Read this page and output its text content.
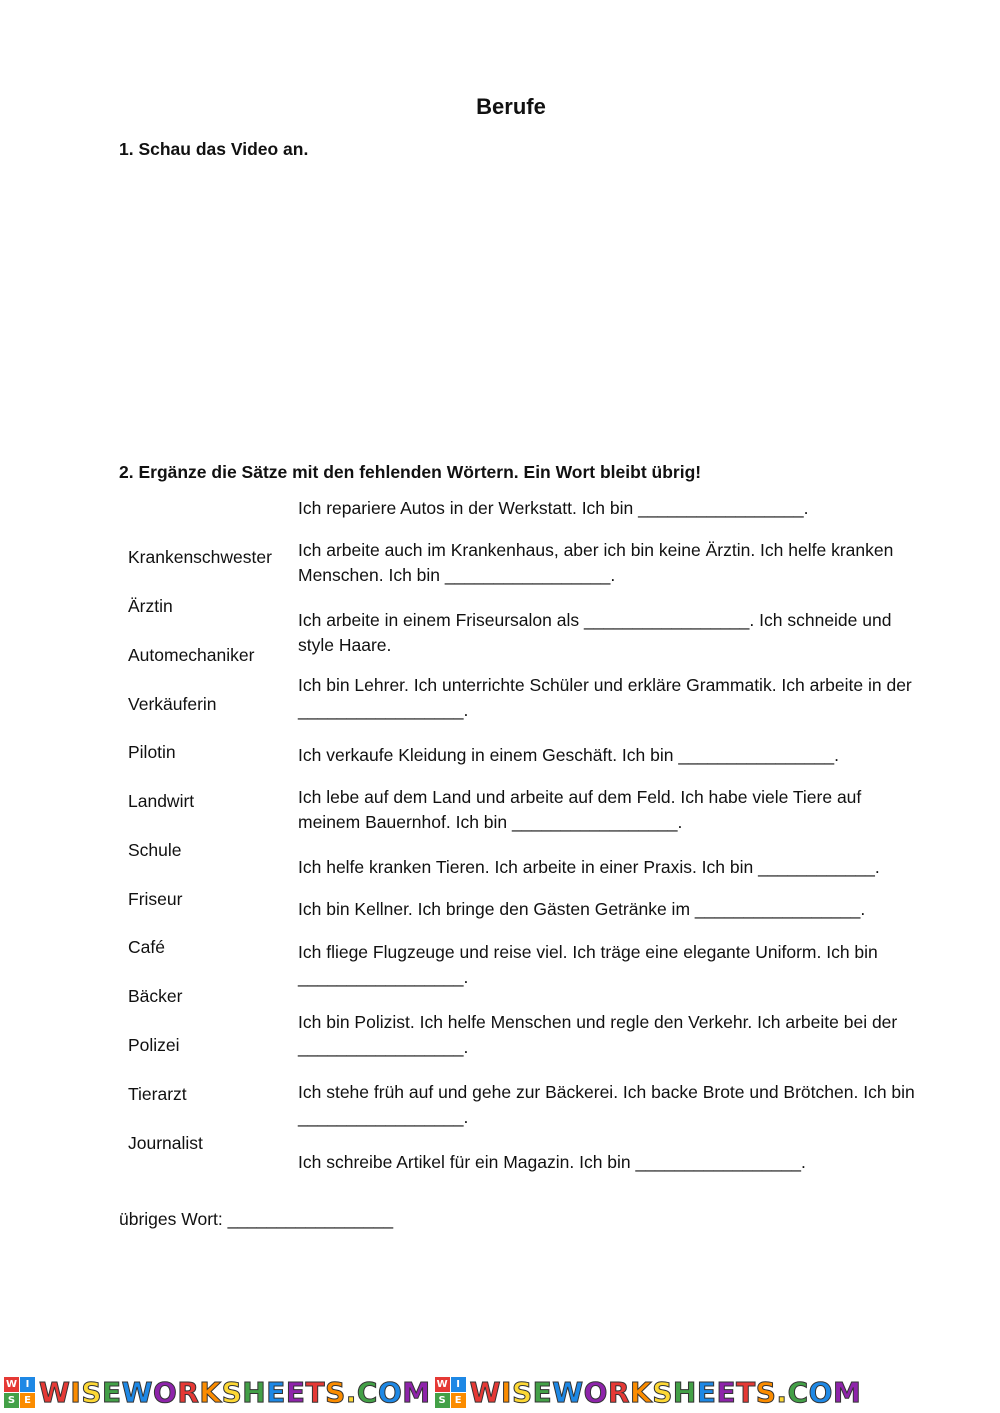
Berufe
1. Schau das Video an.
2. Ergänze die Sätze mit den fehlenden Wörtern. Ein Wort bleibt übrig!
Krankenschwester
Ärztin
Automechaniker
Verkäuferin
Pilotin
Landwirt
Schule
Friseur
Café
Bäcker
Polizei
Tierarzt
Journalist
Ich repariere Autos in der Werkstatt. Ich bin _________________.
Ich arbeite auch im Krankenhaus, aber ich bin keine Ärztin. Ich helfe kranken Menschen. Ich bin _________________.
Ich arbeite in einem Friseursalon als _________________. Ich schneide und style Haare.
Ich bin Lehrer. Ich unterrichte Schüler und erkläre Grammatik. Ich arbeite in der _________________.
Ich verkaufe Kleidung in einem Geschäft. Ich bin ________________.
Ich lebe auf dem Land und arbeite auf dem Feld. Ich habe viele Tiere auf meinem Bauernhof. Ich bin _________________.
Ich helfe kranken Tieren. Ich arbeite in einer Praxis. Ich bin ____________.
Ich bin Kellner. Ich bringe den Gästen Getränke im _________________.
Ich fliege Flugzeuge und reise viel. Ich träge eine elegante Uniform. Ich bin _________________.
Ich bin Polizist. Ich helfe Menschen und regle den Verkehr. Ich arbeite bei der _________________.
Ich stehe früh auf und gehe zur Bäckerei. Ich backe Brote und Brötchen. Ich bin _________________.
Ich schreibe Artikel für ein Magazin. Ich bin _________________.
übriges Wort: _________________
W I
S E WISEWORKSHEETS.COM W I
S E WISEWORKSHEETS.COM
